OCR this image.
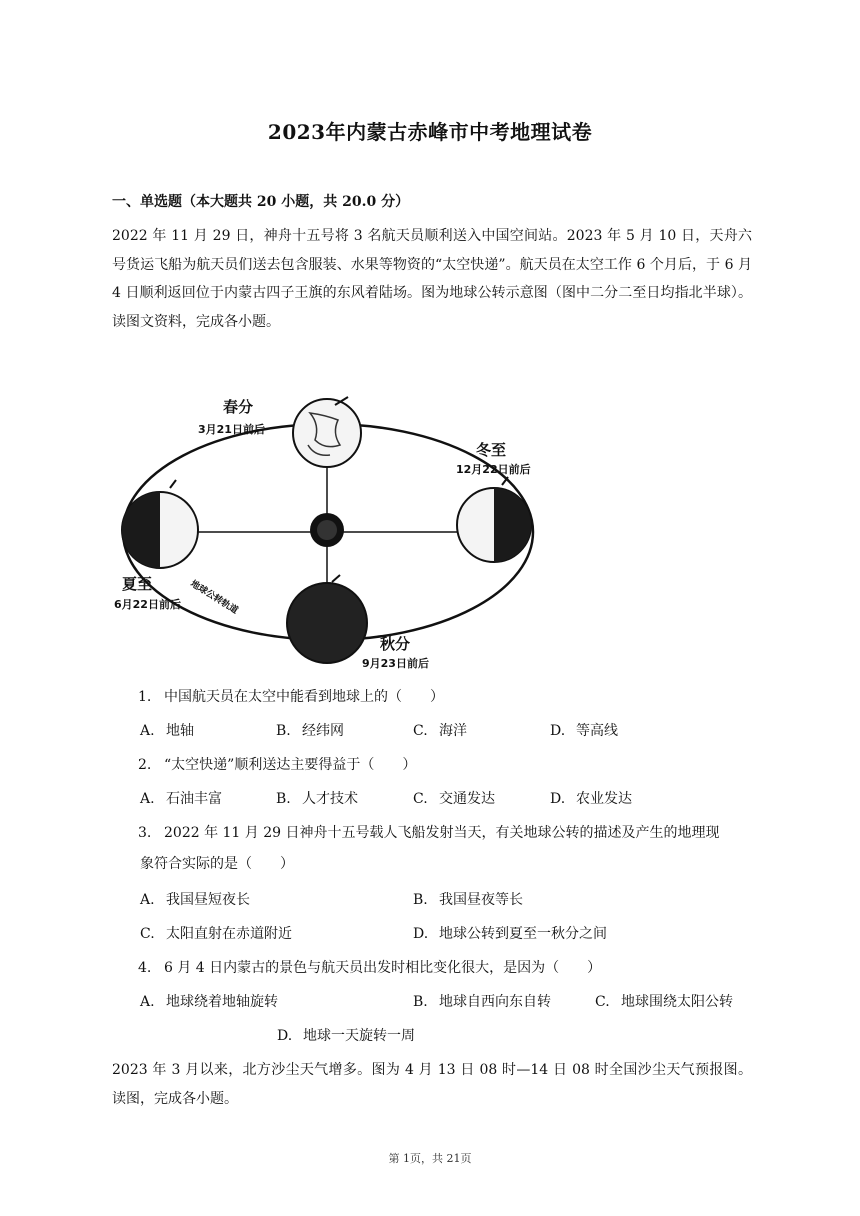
2023年内蒙古赤峰市中考地理试卷
一、单选题（本大题共 20 小题，共 20.0 分）
2022 年 11 月 29 日，神舟十五号将 3 名航天员顺利送入中国空间站。2023 年 5 月 10 日，天舟六号货运飞船为航天员们送去包含服装、水果等物资的“太空快递”。航天员在太空工作 6 个月后，于 6 月 4 日顺利返回位于内蒙古四子王旗的东风着陆场。图为地球公转示意图（图中二分二至日均指北半球）。读图文资料，完成各小题。
春分
3月21日前后
冬至
12月22日前后
夏至
6月22日前后 地球公转轨道
秋分
9月23日前后
1. 中国航天员在太空中能看到地球上的（　　）
A. 地轴	B. 经纬网	C. 海洋	D. 等高线
2. “太空快递”顺利送达主要得益于（　　）
A. 石油丰富	B. 人才技术	C. 交通发达	D. 农业发达
3. 2022 年 11 月 29 日神舟十五号载人飞船发射当天，有关地球公转的描述及产生的地理现
象符合实际的是（　　）
A. 我国昼短夜长	B. 我国昼夜等长
C. 太阳直射在赤道附近	D. 地球公转到夏至一秋分之间
4. 6 月 4 日内蒙古的景色与航天员出发时相比变化很大，是因为（　　）
A. 地球绕着地轴旋转	B. 地球自西向东自转	C. 地球围绕太阳公转
D. 地球一天旋转一周
2023 年 3 月以来，北方沙尘天气增多。图为 4 月 13 日 08 时—14 日 08 时全国沙尘天气预报图。读图，完成各小题。
第 1页，共 21页
